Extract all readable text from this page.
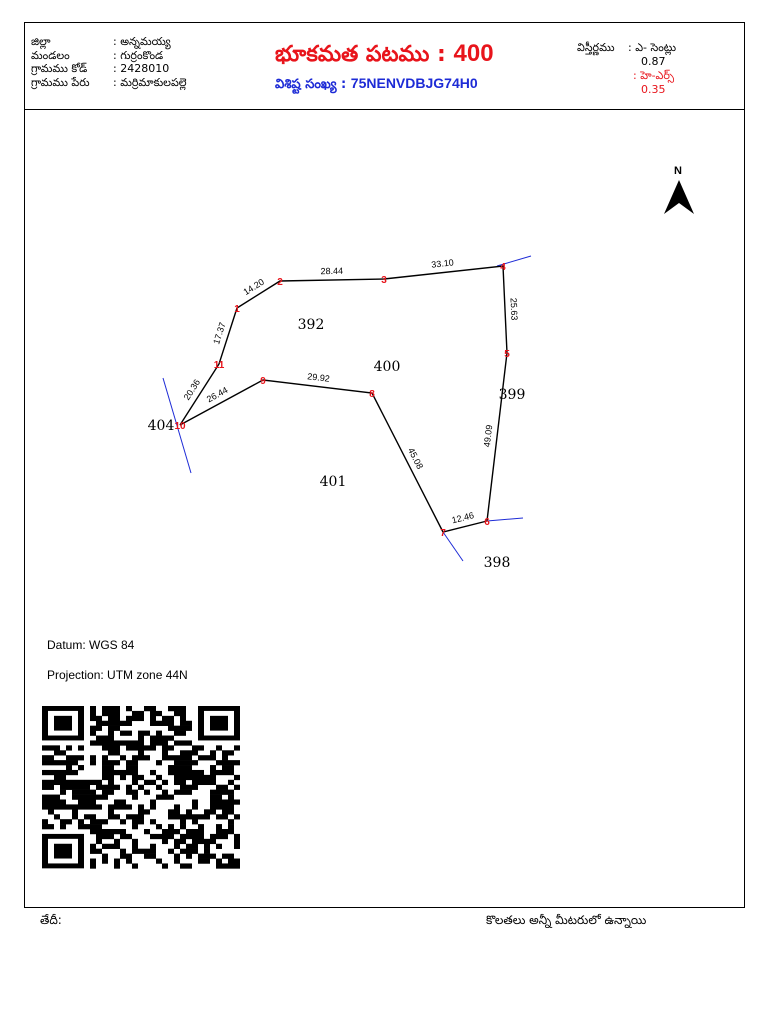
జిల్లా	: అన్నమయ్య
మండలం	: గుర్రంకొండ
గ్రామము కోడ్	: 2428010
గ్రామము పేరు	: మర్రిమాకులపల్లె
భూకమత పటము : 400
విశిష్ట సంఖ్య : 75NENVDBJG74H0
విస్తీర్ణము : ఎ- సెంట్లు
0.87
: హె-ఎర్స్
0.35
14.20
28.44
33.10
25.63
49.09
12.46
45.08
29.92
26.44
20.36
17.37
1
2	3
4
5
6
7
8
9
10
11
392
400
399
404
401
398
N
Datum: WGS 84
Projection: UTM zone 44N
తేదీ:	కొలతలు అన్నీ మీటరులో ఉన్నాయి
